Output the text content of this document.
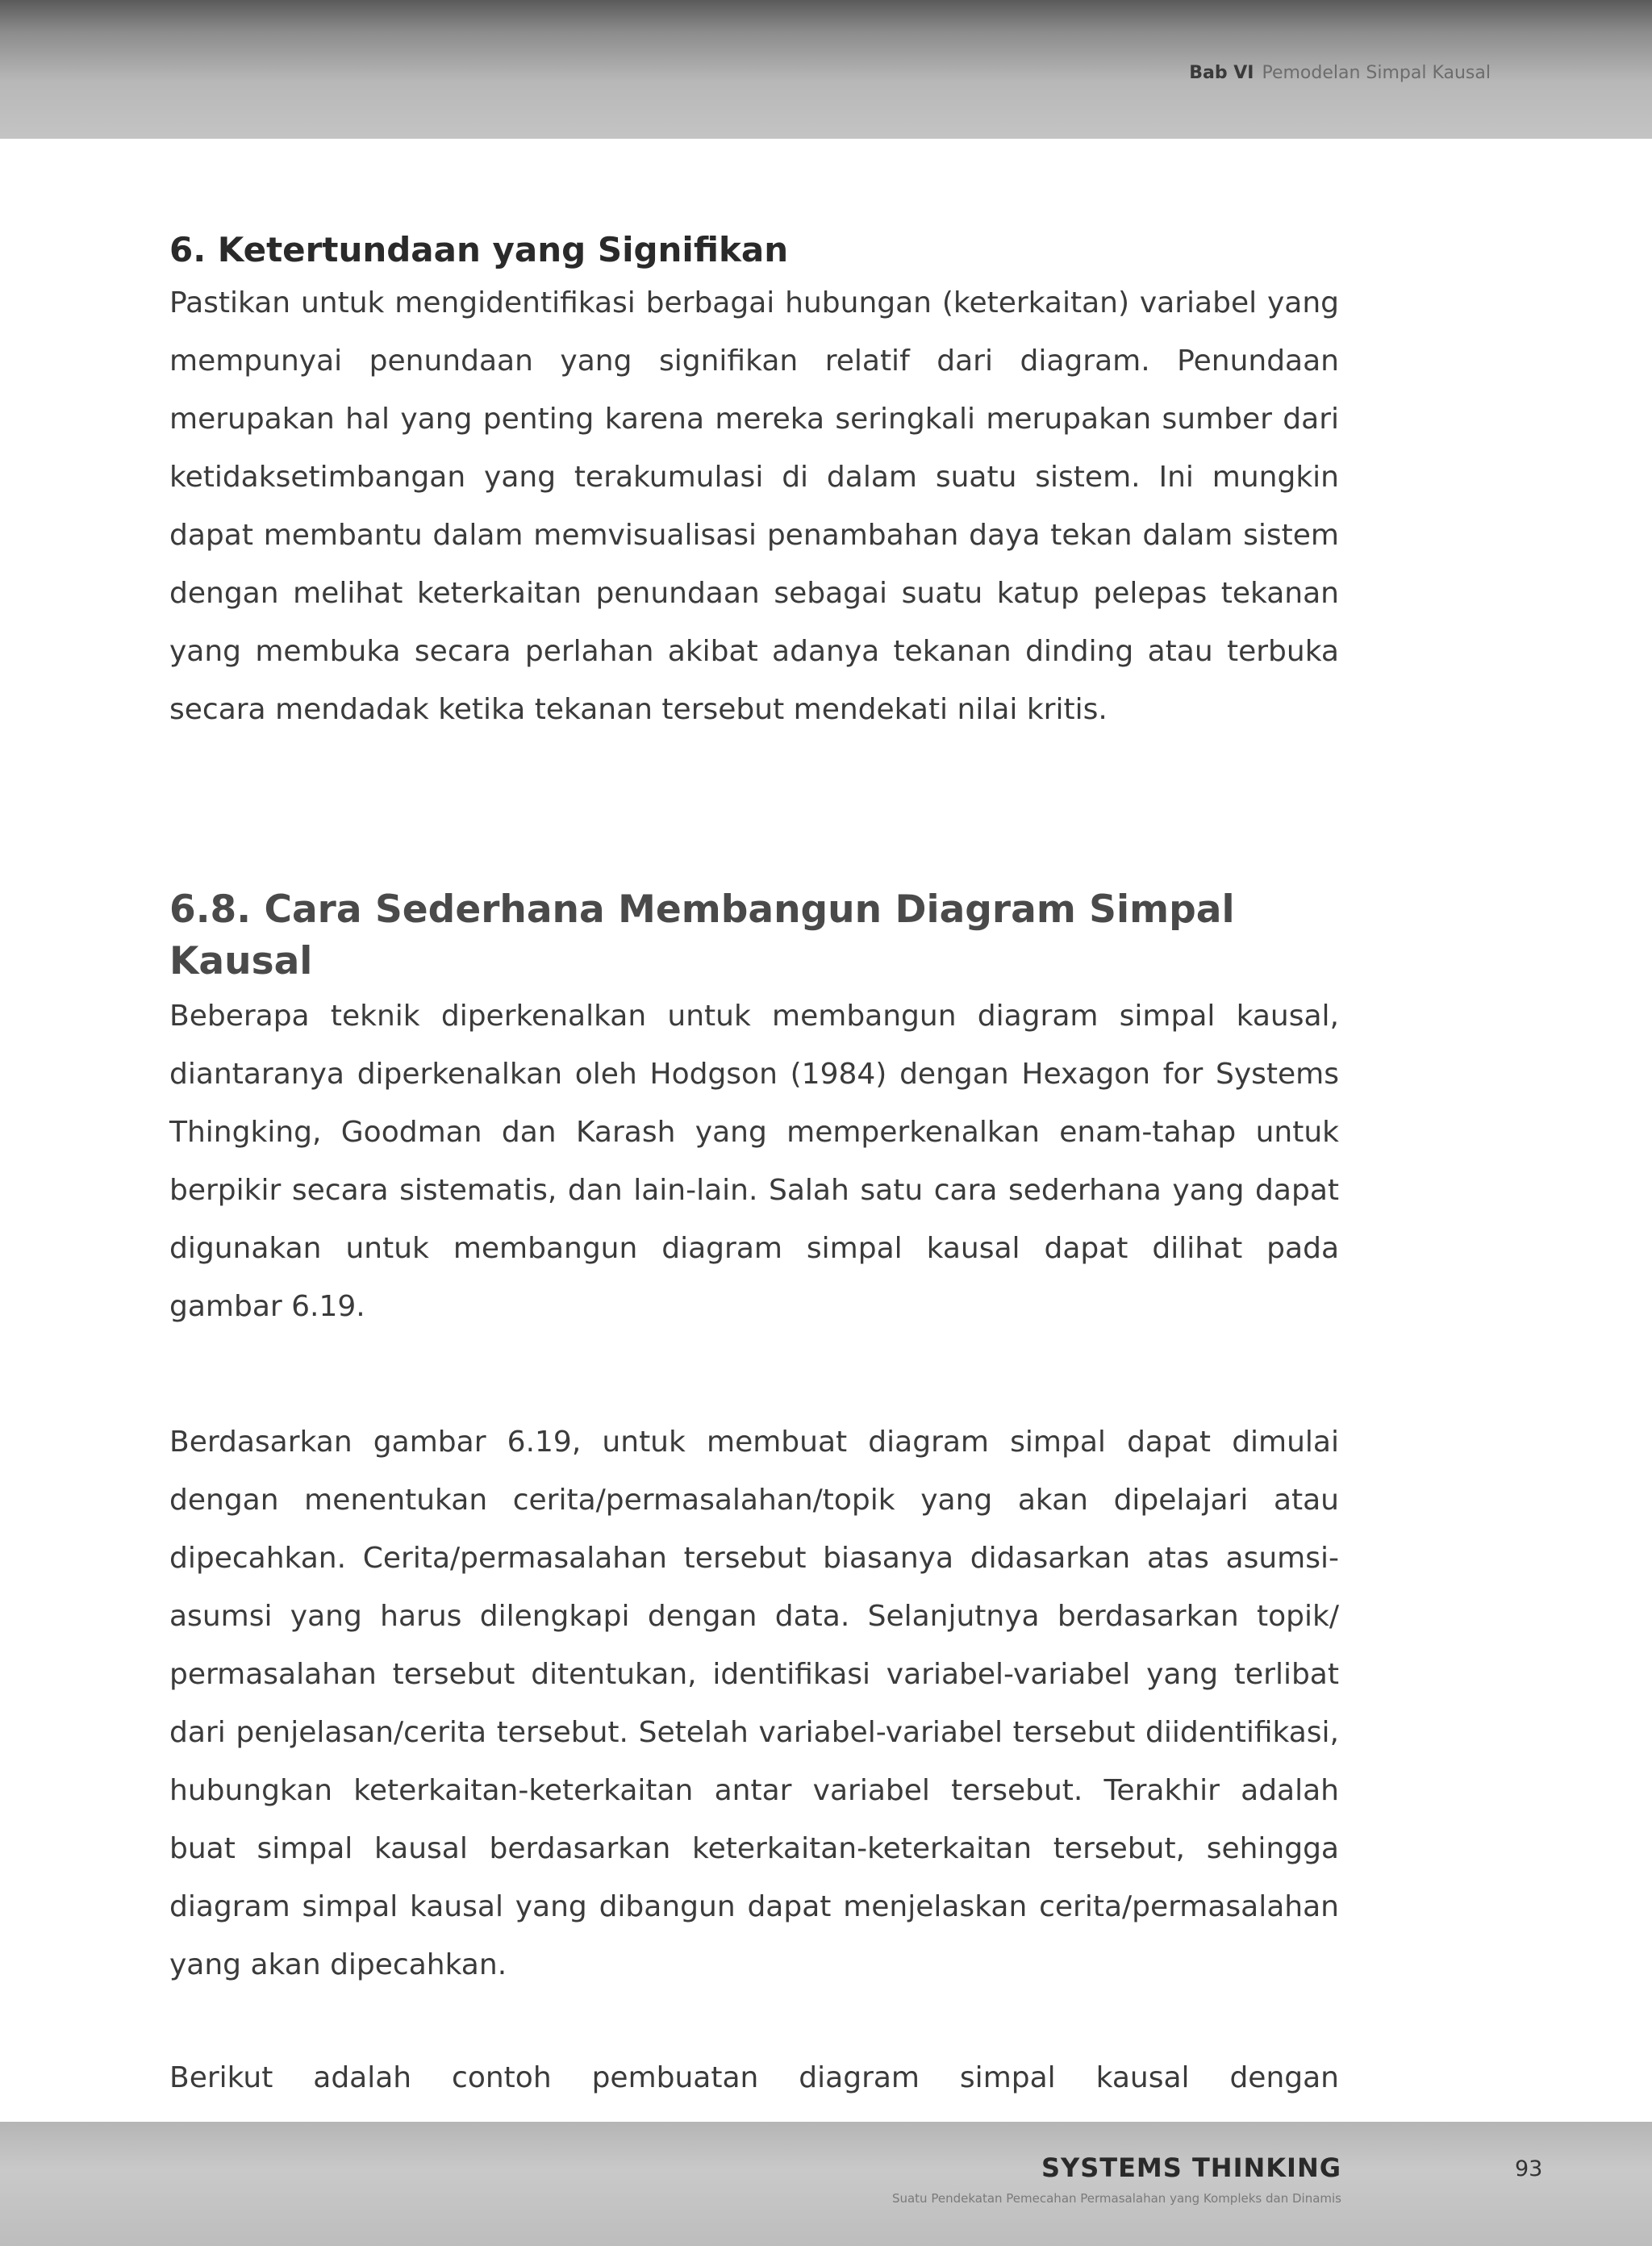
Bab VI Pemodelan Simpal Kausal
6. Ketertundaan yang Signifikan

Pastikan untuk mengidentifikasi berbagai hubungan (keterkaitan) variabel yang mempunyai penundaan yang signifikan relatif dari diagram. Penundaan merupakan hal yang penting karena mereka seringkali merupakan sumber dari ketidaksetimbangan yang terakumulasi di dalam suatu sistem. Ini mungkin dapat membantu dalam memvisualisasi penambahan daya tekan dalam sistem dengan melihat keterkaitan penundaan sebagai suatu katup pelepas tekanan yang membuka secara perlahan akibat adanya tekanan dinding atau terbuka secara mendadak ketika tekanan tersebut mendekati nilai kritis.

6.8. Cara Sederhana Membangun Diagram Simpal Kausal

Beberapa teknik diperkenalkan untuk membangun diagram simpal kausal, diantaranya diperkenalkan oleh Hodgson (1984) dengan Hexagon for Systems Thingking, Goodman dan Karash yang memperkenalkan enam-tahap untuk berpikir secara sistematis, dan lain-lain. Salah satu cara sederhana yang dapat digunakan untuk membangun diagram simpal kausal dapat dilihat pada gambar 6.19.

Berdasarkan gambar 6.19, untuk membuat diagram simpal dapat dimulai dengan menentukan cerita/permasalahan/topik yang akan dipelajari atau dipecahkan. Cerita/permasalahan tersebut biasanya didasarkan atas asumsi-asumsi yang harus dilengkapi dengan data. Selanjutnya berdasarkan topik/ permasalahan tersebut ditentukan, identifikasi variabel-variabel yang terlibat dari penjelasan/cerita tersebut. Setelah variabel-variabel tersebut diidentifikasi, hubungkan keterkaitan-keterkaitan antar variabel tersebut. Terakhir adalah buat simpal kausal berdasarkan keterkaitan-keterkaitan tersebut, sehingga diagram simpal kausal yang dibangun dapat menjelaskan cerita/permasalahan yang akan dipecahkan.

Berikut adalah contoh pembuatan diagram simpal kausal dengan

SYSTEMS THINKING
Suatu Pendekatan Pemecahan Permasalahan yang Kompleks dan Dinamis
93
